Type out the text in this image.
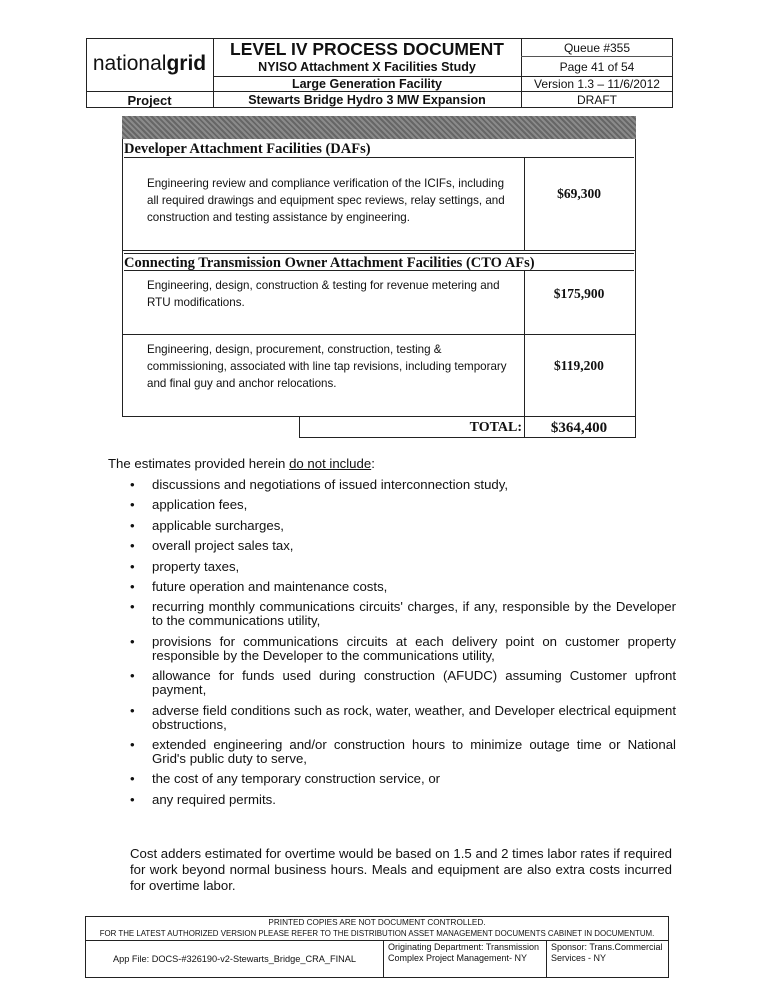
national grid
LEVEL IV PROCESS DOCUMENT
NYISO Attachment X Facilities Study
Large Generation Facility
Project	Stewarts Bridge Hydro 3 MW Expansion
Queue #355
Page 41 of 54
Version 1.3 – 11/6/2012
DRAFT
Developer Attachment Facilities (DAFs)
Engineering review and compliance verification of the ICIFs, including all required drawings and equipment spec reviews, relay settings, and construction and testing assistance by engineering.
$69,300
Connecting Transmission Owner Attachment Facilities (CTO AFs)
Engineering, design, construction & testing for revenue metering and RTU modifications.
$175,900
Engineering, design, procurement, construction, testing & commissioning, associated with line tap revisions, including temporary and final guy and anchor relocations.
$119,200
TOTAL:	$364,400
The estimates provided herein do not include:
• discussions and negotiations of issued interconnection study,
• application fees,
• applicable surcharges,
• overall project sales tax,
• property taxes,
• future operation and maintenance costs,
• recurring monthly communications circuits' charges, if any, responsible by the Developer to the communications utility,
• provisions for communications circuits at each delivery point on customer property responsible by the Developer to the communications utility,
• allowance for funds used during construction (AFUDC) assuming Customer upfront payment,
• adverse field conditions such as rock, water, weather, and Developer electrical equipment obstructions,
• extended engineering and/or construction hours to minimize outage time or National Grid's public duty to serve,
• the cost of any temporary construction service, or
• any required permits.
Cost adders estimated for overtime would be based on 1.5 and 2 times labor rates if required for work beyond normal business hours. Meals and equipment are also extra costs incurred for overtime labor.
PRINTED COPIES ARE NOT DOCUMENT CONTROLLED.
FOR THE LATEST AUTHORIZED VERSION PLEASE REFER TO THE DISTRIBUTION ASSET MANAGEMENT DOCUMENTS CABINET IN DOCUMENTUM.
App File: DOCS-#326190-v2-Stewarts_Bridge_CRA_FINAL
Originating Department: Transmission Complex Project Management- NY
Sponsor: Trans.Commercial Services - NY
